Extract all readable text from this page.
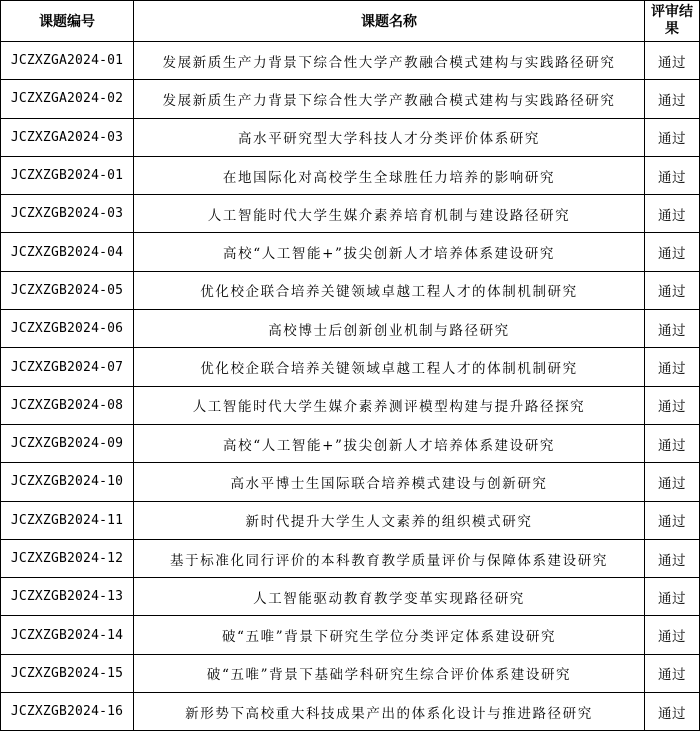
课题编号	课题名称	评审结果
JCZXZGA2024-01	发展新质生产力背景下综合性大学产教融合模式建构与实践路径研究	通过
JCZXZGA2024-02	发展新质生产力背景下综合性大学产教融合模式建构与实践路径研究	通过
JCZXZGA2024-03	高水平研究型大学科技人才分类评价体系研究	通过
JCZXZGB2024-01	在地国际化对高校学生全球胜任力培养的影响研究	通过
JCZXZGB2024-03	人工智能时代大学生媒介素养培育机制与建设路径研究	通过
JCZXZGB2024-04	高校“人工智能+”拔尖创新人才培养体系建设研究	通过
JCZXZGB2024-05	优化校企联合培养关键领域卓越工程人才的体制机制研究	通过
JCZXZGB2024-06	高校博士后创新创业机制与路径研究	通过
JCZXZGB2024-07	优化校企联合培养关键领域卓越工程人才的体制机制研究	通过
JCZXZGB2024-08	人工智能时代大学生媒介素养测评模型构建与提升路径探究	通过
JCZXZGB2024-09	高校“人工智能+”拔尖创新人才培养体系建设研究	通过
JCZXZGB2024-10	高水平博士生国际联合培养模式建设与创新研究	通过
JCZXZGB2024-11	新时代提升大学生人文素养的组织模式研究	通过
JCZXZGB2024-12	基于标准化同行评价的本科教育教学质量评价与保障体系建设研究	通过
JCZXZGB2024-13	人工智能驱动教育教学变革实现路径研究	通过
JCZXZGB2024-14	破“五唯”背景下研究生学位分类评定体系建设研究	通过
JCZXZGB2024-15	破“五唯”背景下基础学科研究生综合评价体系建设研究	通过
JCZXZGB2024-16	新形势下高校重大科技成果产出的体系化设计与推进路径研究	通过
